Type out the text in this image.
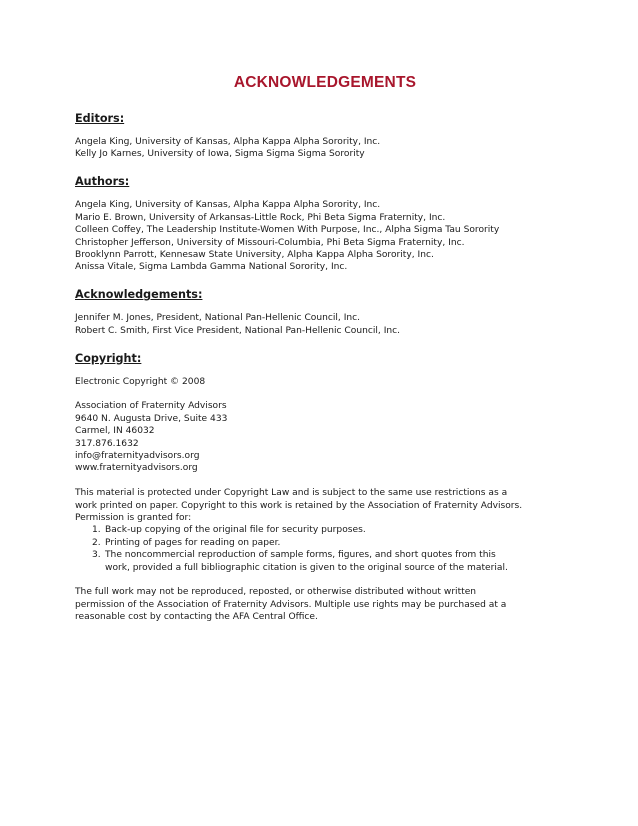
ACKNOWLEDGEMENTS

Editors:

Angela King, University of Kansas, Alpha Kappa Alpha Sorority, Inc.

Kelly Jo Karnes, University of Iowa, Sigma Sigma Sigma Sorority

Authors:

Angela King, University of Kansas, Alpha Kappa Alpha Sorority, Inc.

Mario E. Brown, University of Arkansas-Little Rock, Phi Beta Sigma Fraternity, Inc.

Colleen Coffey, The Leadership Institute-Women With Purpose, Inc., Alpha Sigma Tau Sorority

Christopher Jefferson, University of Missouri-Columbia, Phi Beta Sigma Fraternity, Inc.

Brooklynn Parrott, Kennesaw State University, Alpha Kappa Alpha Sorority, Inc.

Anissa Vitale, Sigma Lambda Gamma National Sorority, Inc.

Acknowledgements:

Jennifer M. Jones, President, National Pan-Hellenic Council, Inc.

Robert C. Smith, First Vice President, National Pan-Hellenic Council, Inc.

Copyright:

Electronic Copyright © 2008

Association of Fraternity Advisors

9640 N. Augusta Drive, Suite 433

Carmel, IN 46032

317.876.1632

info@fraternityadvisors.org

www.fraternityadvisors.org

This material is protected under Copyright Law and is subject to the same use restrictions as a

work printed on paper. Copyright to this work is retained by the Association of Fraternity Advisors.

Permission is granted for:

1. Back-up copying of the original file for security purposes.
2. Printing of pages for reading on paper.
3. The noncommercial reproduction of sample forms, figures, and short quotes from this
work, provided a full bibliographic citation is given to the original source of the material.

The full work may not be reproduced, reposted, or otherwise distributed without written

permission of the Association of Fraternity Advisors. Multiple use rights may be purchased at a

reasonable cost by contacting the AFA Central Office.
